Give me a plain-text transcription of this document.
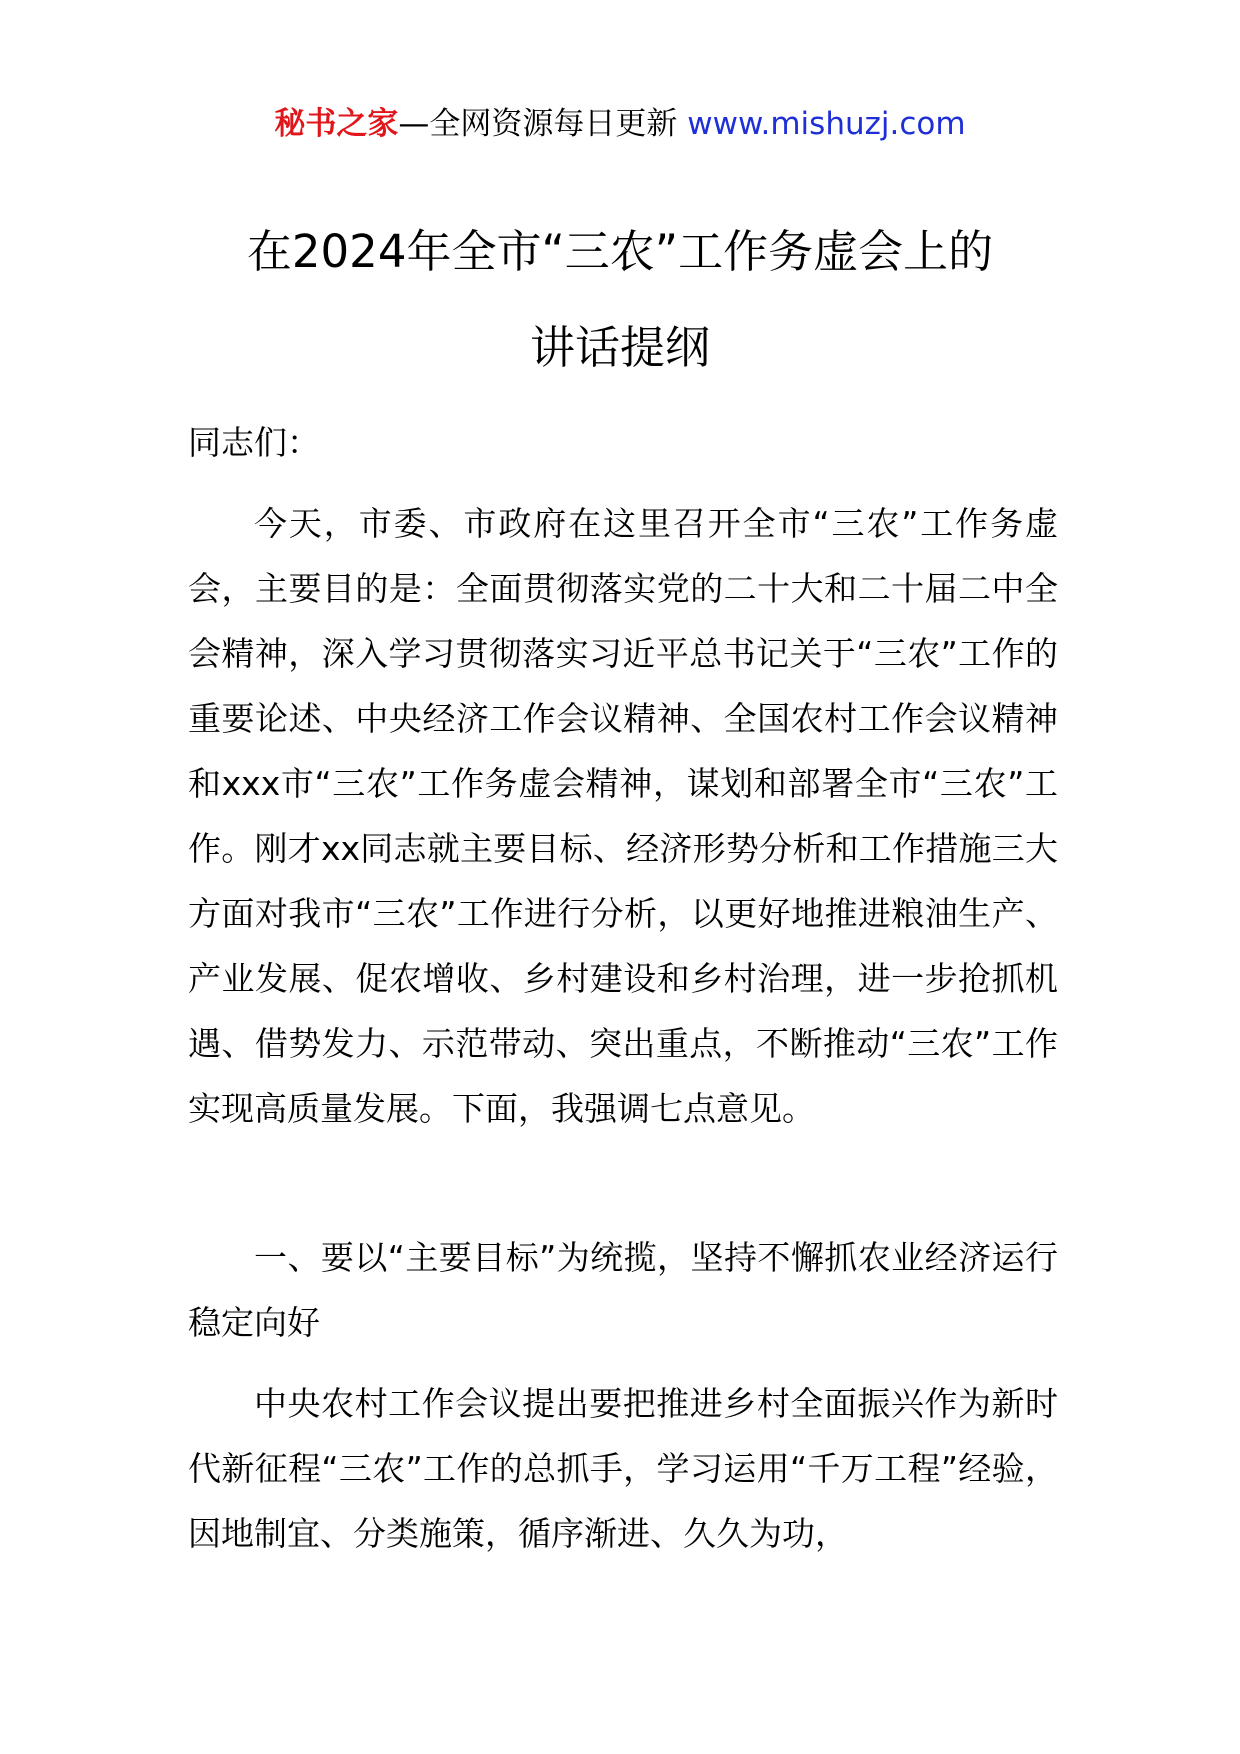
秘书之家—全网资源每日更新 www.mishuzj.com
在2024年全市“三农”工作务虚会上的
讲话提纲
同志们：
今天，市委、市政府在这里召开全市“三农”工作务虚会，主要目的是：全面贯彻落实党的二十大和二十届二中全会精神，深入学习贯彻落实习近平总书记关于“三农”工作的重要论述、中央经济工作会议精神、全国农村工作会议精神和xxx市“三农”工作务虚会精神，谋划和部署全市“三农”工作。刚才xx同志就主要目标、经济形势分析和工作措施三大方面对我市“三农”工作进行分析，以更好地推进粮油生产、产业发展、促农增收、乡村建设和乡村治理，进一步抢抓机遇、借势发力、示范带动、突出重点，不断推动“三农”工作实现高质量发展。下面，我强调七点意见。
一、要以“主要目标”为统揽，坚持不懈抓农业经济运行稳定向好
中央农村工作会议提出要把推进乡村全面振兴作为新时代新征程“三农”工作的总抓手，学习运用“千万工程”经验，因地制宜、分类施策，循序渐进、久久为功，
